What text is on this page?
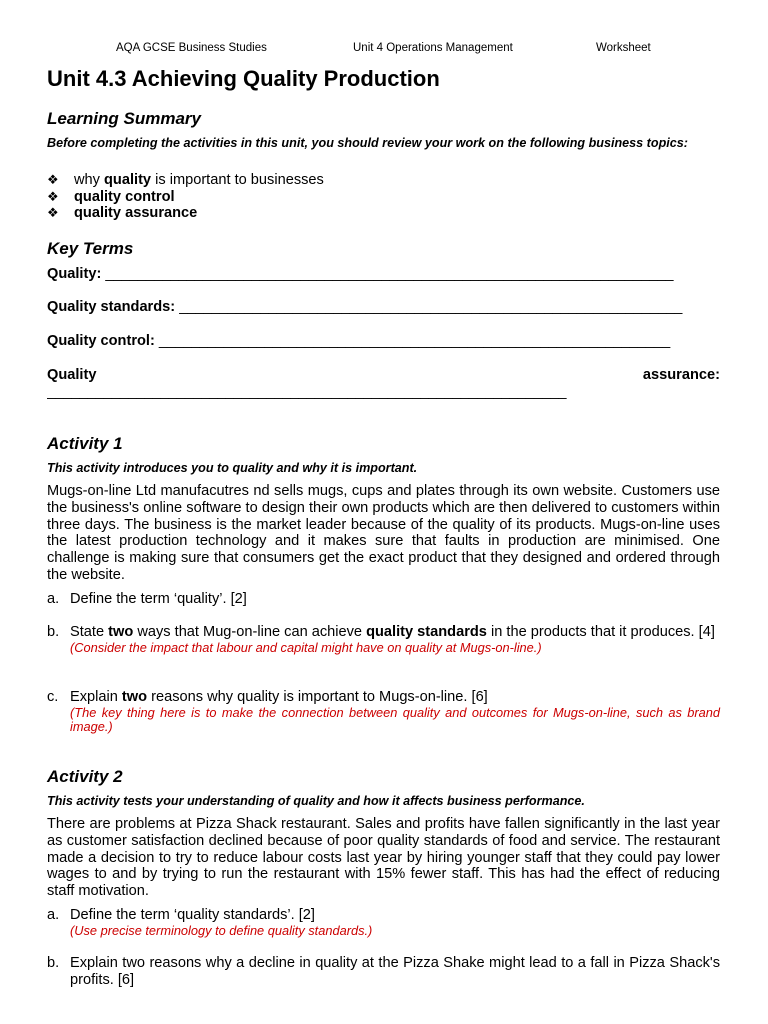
AQA GCSE Business Studies	Unit 4 Operations Management	Worksheet
Unit 4.3 Achieving Quality Production
Learning Summary
Before completing the activities in this unit, you should review your work on the following business topics:
❖ why quality is important to businesses
❖ quality control
❖ quality assurance
Key Terms
Quality: ______________________________________________________________________
Quality standards: ______________________________________________________________
Quality control: _______________________________________________________________
Quality	assurance:
________________________________________________________________
Activity 1
This activity introduces you to quality and why it is important.
Mugs-on-line Ltd manufacutres nd sells mugs, cups and plates through its own website. Customers use the business's online software to design their own products which are then delivered to customers within three days. The business is the market leader because of the quality of its products. Mugs-on-line uses the latest production technology and it makes sure that faults in production are minimised. One challenge is making sure that consumers get the exact product that they designed and ordered through the website.
a. Define the term ‘quality’. [2]
b. State two ways that Mug-on-line can achieve quality standards in the products that it produces. [4]
(Consider the impact that labour and capital might have on quality at Mugs-on-line.)
c. Explain two reasons why quality is important to Mugs-on-line. [6]
(The key thing here is to make the connection between quality and outcomes for Mugs-on-line, such as brand image.)
Activity 2
This activity tests your understanding of quality and how it affects business performance.
There are problems at Pizza Shack restaurant. Sales and profits have fallen significantly in the last year as customer satisfaction declined because of poor quality standards of food and service. The restaurant made a decision to try to reduce labour costs last year by hiring younger staff that they could pay lower wages to and by trying to run the restaurant with 15% fewer staff. This has had the effect of reducing staff motivation.
a. Define the term ‘quality standards’. [2]
(Use precise terminology to define quality standards.)
b. Explain two reasons why a decline in quality at the Pizza Shake might lead to a fall in Pizza Shack's profits. [6]
